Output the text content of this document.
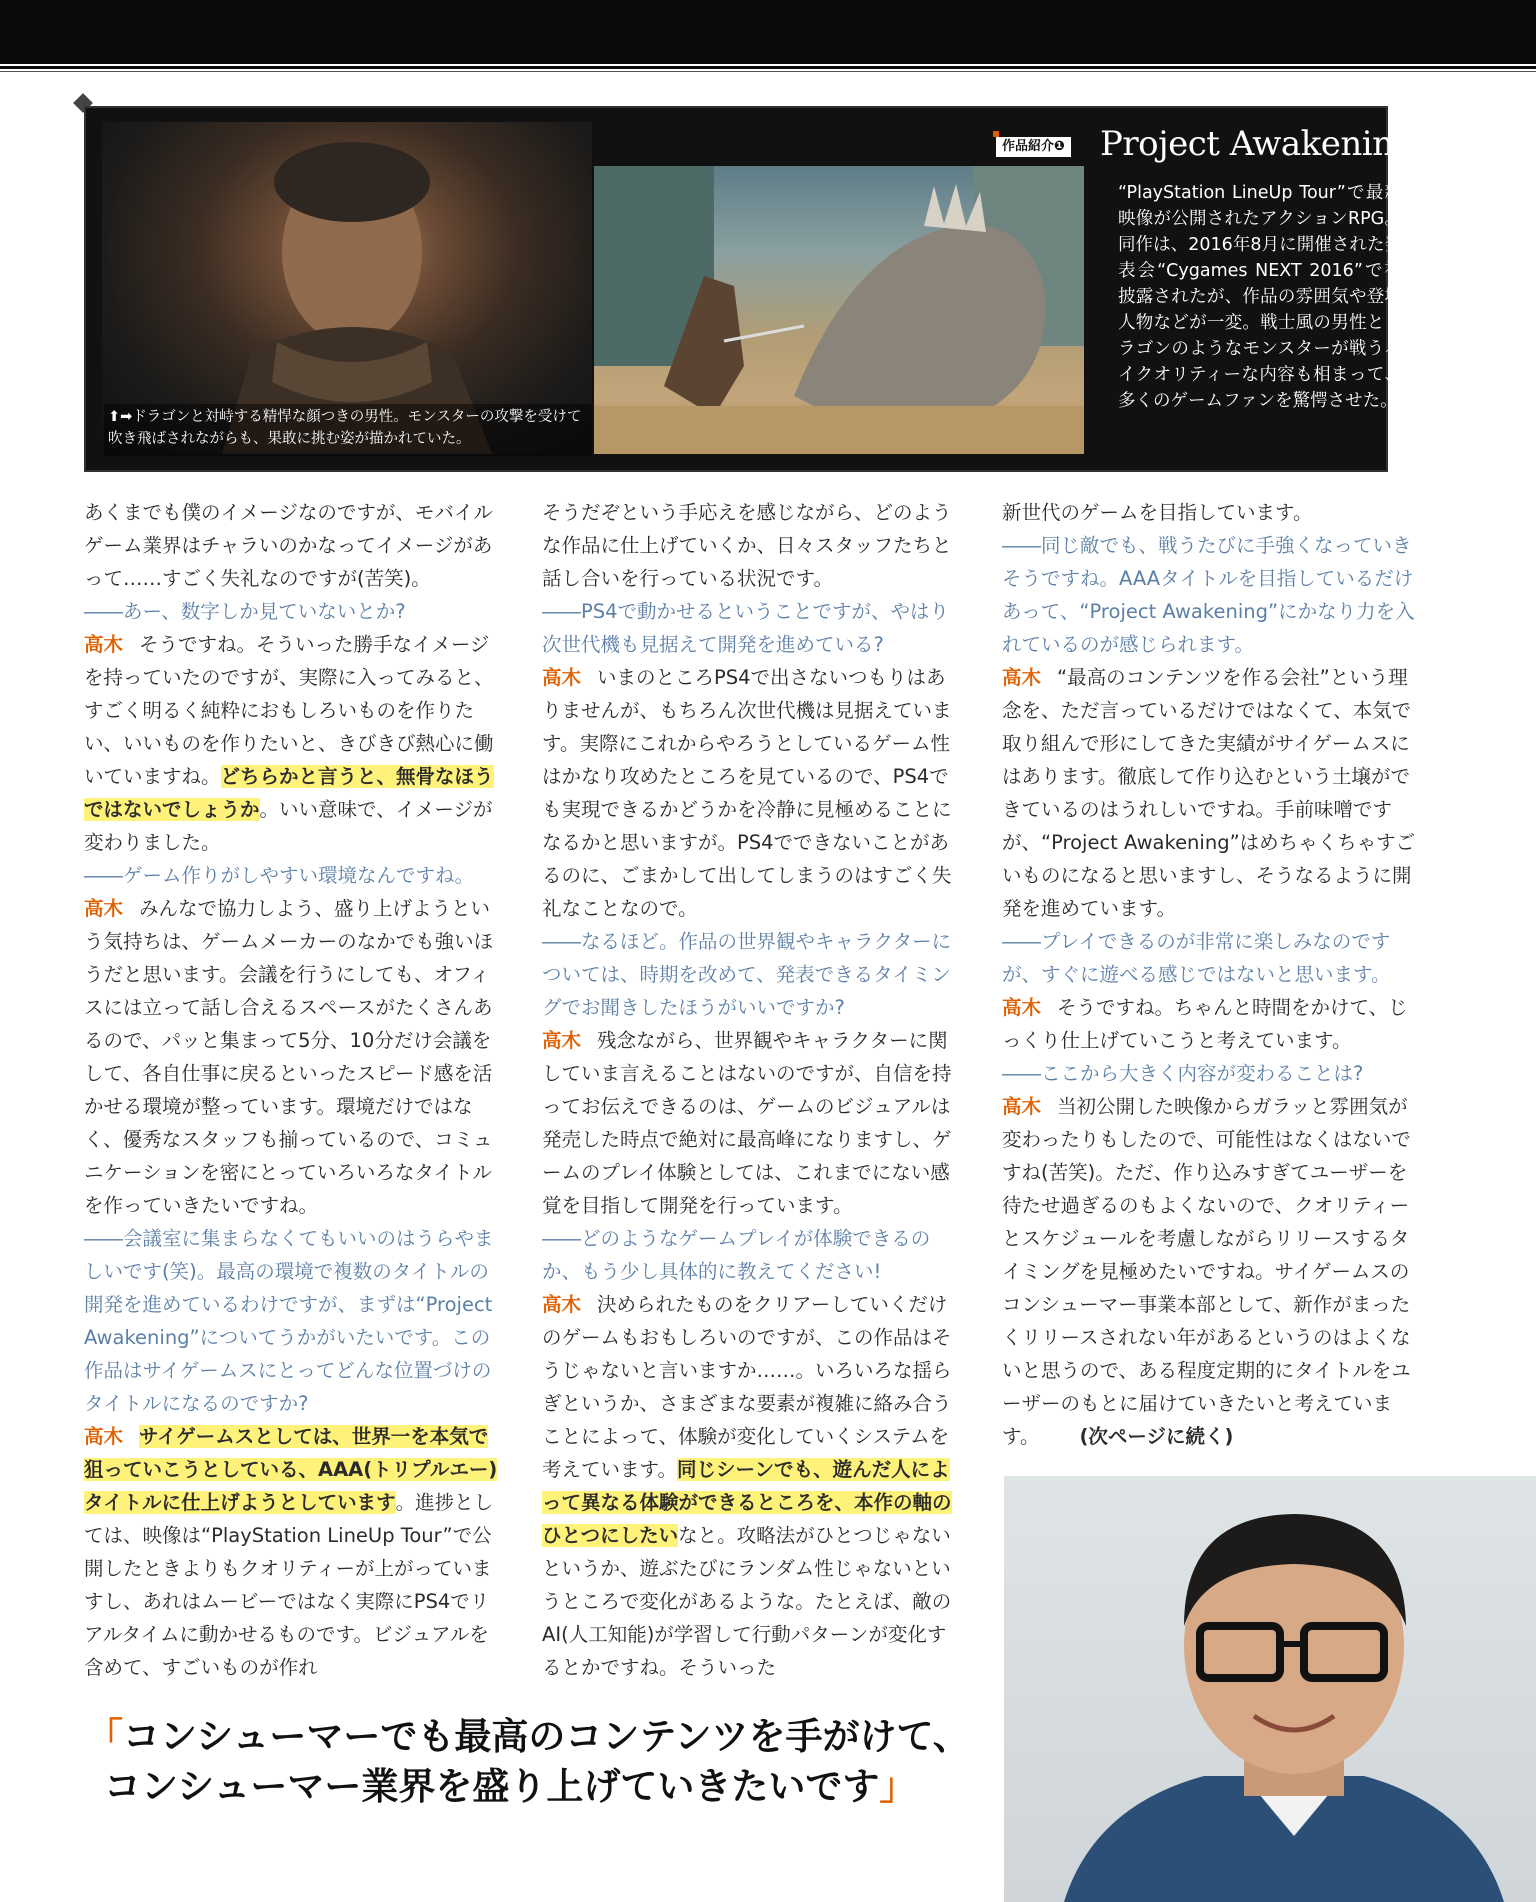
⬆➡ドラゴンと対峙する精悍な顔つきの男性。モンスターの攻撃を受けて吹き飛ばされながらも、果敢に挑む姿が描かれていた。
作品紹介❶ Project Awakening
“PlayStation LineUp Tour”で最新映像が公開されたアクションRPG。同作は、2016年8月に開催された発表会“Cygames NEXT 2016”で初披露されたが、作品の雰囲気や登場人物などが一変。戦士風の男性とドラゴンのようなモンスターが戦うハイクオリティーな内容も相まって、多くのゲームファンを驚愕させた。

あくまでも僕のイメージなのですが、モバイルゲーム業界はチャラいのかなってイメージがあって……すごく失礼なのですが(苦笑)。

――あー、数字しか見ていないとか?

高木 そうですね。そういった勝手なイメージを持っていたのですが、実際に入ってみると、すごく明るく純粋におもしろいものを作りたい、いいものを作りたいと、きびきび熱心に働いていますね。どちらかと言うと、無骨なほうではないでしょうか。いい意味で、イメージが変わりました。

――ゲーム作りがしやすい環境なんですね。

高木 みんなで協力しよう、盛り上げようという気持ちは、ゲームメーカーのなかでも強いほうだと思います。会議を行うにしても、オフィスには立って話し合えるスペースがたくさんあるので、パッと集まって5分、10分だけ会議をして、各自仕事に戻るといったスピード感を活かせる環境が整っています。環境だけではなく、優秀なスタッフも揃っているので、コミュニケーションを密にとっていろいろなタイトルを作っていきたいですね。

――会議室に集まらなくてもいいのはうらやましいです(笑)。最高の環境で複数のタイトルの開発を進めているわけですが、まずは“Project Awakening”についてうかがいたいです。この作品はサイゲームスにとってどんな位置づけのタイトルになるのですか?

高木 サイゲームスとしては、世界一を本気で狙っていこうとしている、AAA(トリプルエー)タイトルに仕上げようとしています。進捗としては、映像は“PlayStation LineUp Tour”で公開したときよりもクオリティーが上がっていますし、あれはムービーではなく実際にPS4でリアルタイムに動かせるものです。ビジュアルを含めて、すごいものが作れ

そうだぞという手応えを感じながら、どのような作品に仕上げていくか、日々スタッフたちと話し合いを行っている状況です。

――PS4で動かせるということですが、やはり次世代機も見据えて開発を進めている?

高木 いまのところPS4で出さないつもりはありませんが、もちろん次世代機は見据えています。実際にこれからやろうとしているゲーム性はかなり攻めたところを見ているので、PS4でも実現できるかどうかを冷静に見極めることになるかと思いますが。PS4でできないことがあるのに、ごまかして出してしまうのはすごく失礼なことなので。

――なるほど。作品の世界観やキャラクターについては、時期を改めて、発表できるタイミングでお聞きしたほうがいいですか?

高木 残念ながら、世界観やキャラクターに関していま言えることはないのですが、自信を持ってお伝えできるのは、ゲームのビジュアルは発売した時点で絶対に最高峰になりますし、ゲームのプレイ体験としては、これまでにない感覚を目指して開発を行っています。

――どのようなゲームプレイが体験できるのか、もう少し具体的に教えてください!

高木 決められたものをクリアーしていくだけのゲームもおもしろいのですが、この作品はそうじゃないと言いますか……。いろいろな揺らぎというか、さまざまな要素が複雑に絡み合うことによって、体験が変化していくシステムを考えています。同じシーンでも、遊んだ人によって異なる体験ができるところを、本作の軸のひとつにしたいなと。攻略法がひとつじゃないというか、遊ぶたびにランダム性じゃないというところで変化があるような。たとえば、敵のAI(人工知能)が学習して行動パターンが変化するとかですね。そういった

新世代のゲームを目指しています。

――同じ敵でも、戦うたびに手強くなっていきそうですね。AAAタイトルを目指しているだけあって、“Project Awakening”にかなり力を入れているのが感じられます。

高木 “最高のコンテンツを作る会社”という理念を、ただ言っているだけではなくて、本気で取り組んで形にしてきた実績がサイゲームスにはあります。徹底して作り込むという土壌ができているのはうれしいですね。手前味噌ですが、“Project Awakening”はめちゃくちゃすごいものになると思いますし、そうなるように開発を進めています。

――プレイできるのが非常に楽しみなのですが、すぐに遊べる感じではないと思います。

高木 そうですね。ちゃんと時間をかけて、じっくり仕上げていこうと考えています。

――ここから大きく内容が変わることは?

高木 当初公開した映像からガラッと雰囲気が変わったりもしたので、可能性はなくはないですね(苦笑)。ただ、作り込みすぎてユーザーを待たせ過ぎるのもよくないので、クオリティーとスケジュールを考慮しながらリリースするタイミングを見極めたいですね。サイゲームスのコンシューマー事業本部として、新作がまったくリリースされない年があるというのはよくないと思うので、ある程度定期的にタイトルをユーザーのもとに届けていきたいと考えています。 (次ページに続く)

「コンシューマーでも最高のコンテンツを手がけて、
コンシューマー業界を盛り上げていきたいです」
